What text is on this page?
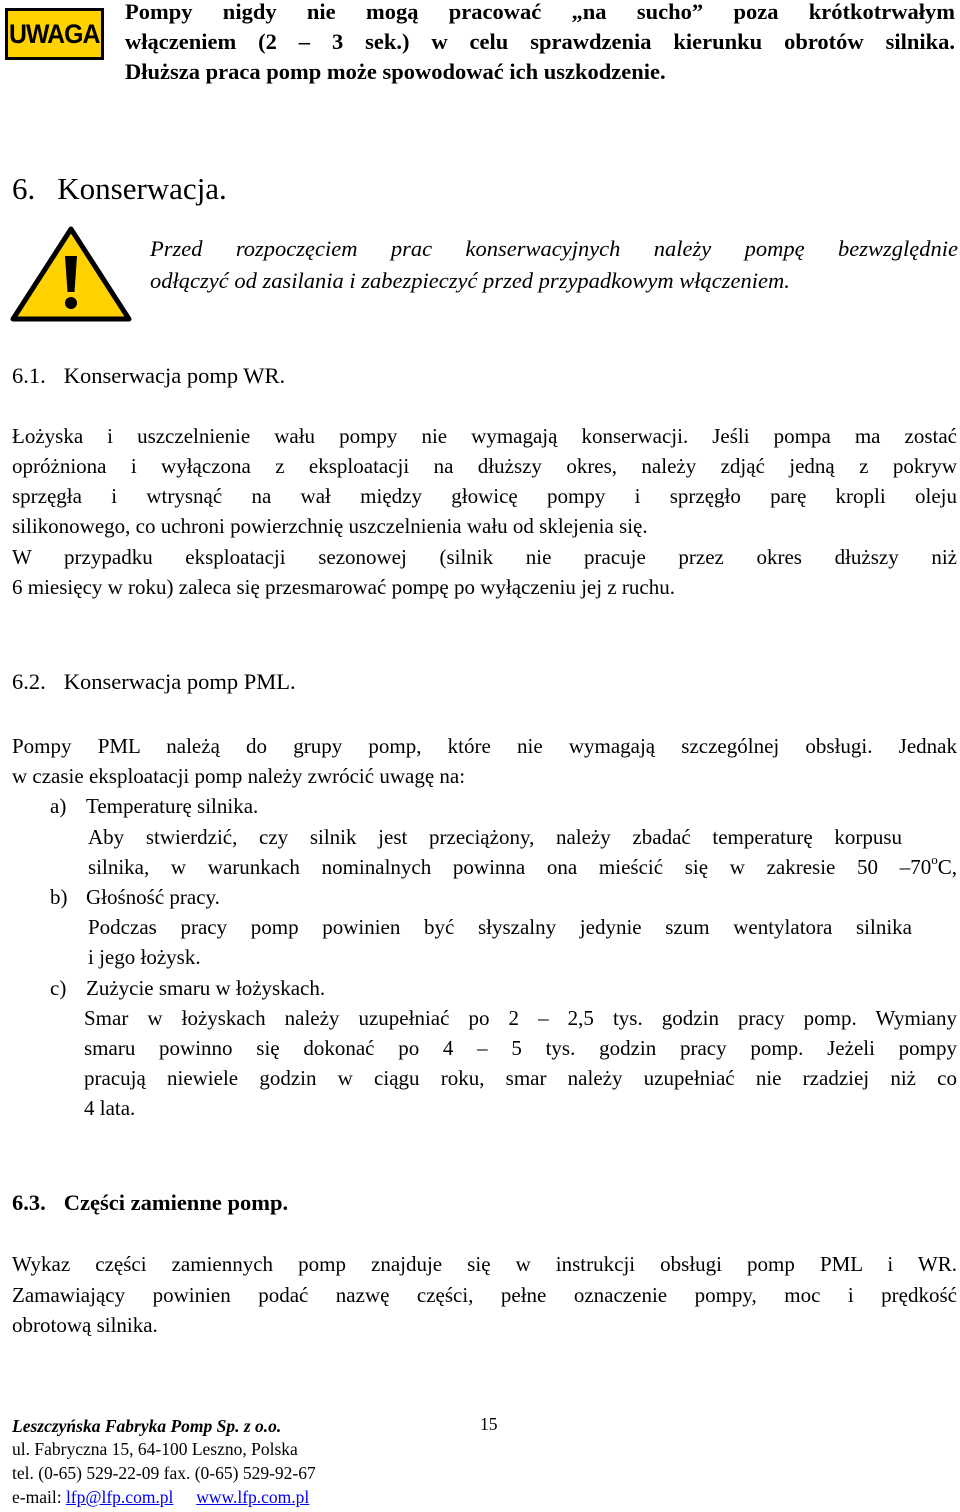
UWAGA
Pompy nigdy nie mogą pracować „na sucho” poza krótkotrwałym
włączeniem (2 – 3 sek.) w celu sprawdzenia kierunku obrotów silnika.
Dłuższa praca pomp może spowodować ich uszkodzenie.
6. Konserwacja.
Przed rozpoczęciem prac konserwacyjnych należy pompę bezwzględnie
odłączyć od zasilania i zabezpieczyć przed przypadkowym włączeniem.
6.1. Konserwacja pomp WR.
Łożyska i uszczelnienie wału pompy nie wymagają konserwacji. Jeśli pompa ma zostać
opróżniona i wyłączona z eksploatacji na dłuższy okres, należy zdjąć jedną z pokryw
sprzęgła i wtrysnąć na wał między głowicę pompy i sprzęgło parę kropli oleju
silikonowego, co uchroni powierzchnię uszczelnienia wału od sklejenia się.
W przypadku eksploatacji sezonowej (silnik nie pracuje przez okres dłuższy niż
6 miesięcy w roku) zaleca się przesmarować pompę po wyłączeniu jej z ruchu.
6.2. Konserwacja pomp PML.
Pompy PML należą do grupy pomp, które nie wymagają szczególnej obsługi. Jednak
w czasie eksploatacji pomp należy zwrócić uwagę na:
a) Temperaturę silnika.
Aby stwierdzić, czy silnik jest przeciążony, należy zbadać temperaturę korpusu
silnika, w warunkach nominalnych powinna ona mieścić się w zakresie 50 –70$^o$C,
b) Głośność pracy.
Podczas pracy pomp powinien być słyszalny jedynie szum wentylatora silnika
i jego łożysk.
c) Zużycie smaru w łożyskach.
Smar w łożyskach należy uzupełniać po 2 – 2,5 tys. godzin pracy pomp. Wymiany
smaru powinno się dokonać po 4 – 5 tys. godzin pracy pomp. Jeżeli pompy
pracują niewiele godzin w ciągu roku, smar należy uzupełniać nie rzadziej niż co
4 lata.
6.3. Części zamienne pomp.
Wykaz części zamiennych pomp znajduje się w instrukcji obsługi pomp PML i WR.
Zamawiający powinien podać nazwę części, pełne oznaczenie pompy, moc i prędkość
obrotową silnika.
Leszczyńska Fabryka Pomp Sp. z o.o.	15
ul. Fabryczna 15, 64-100 Leszno, Polska
tel. (0-65) 529-22-09 fax. (0-65) 529-92-67
e-mail: lfp@lfp.com.pl www.lfp.com.pl
